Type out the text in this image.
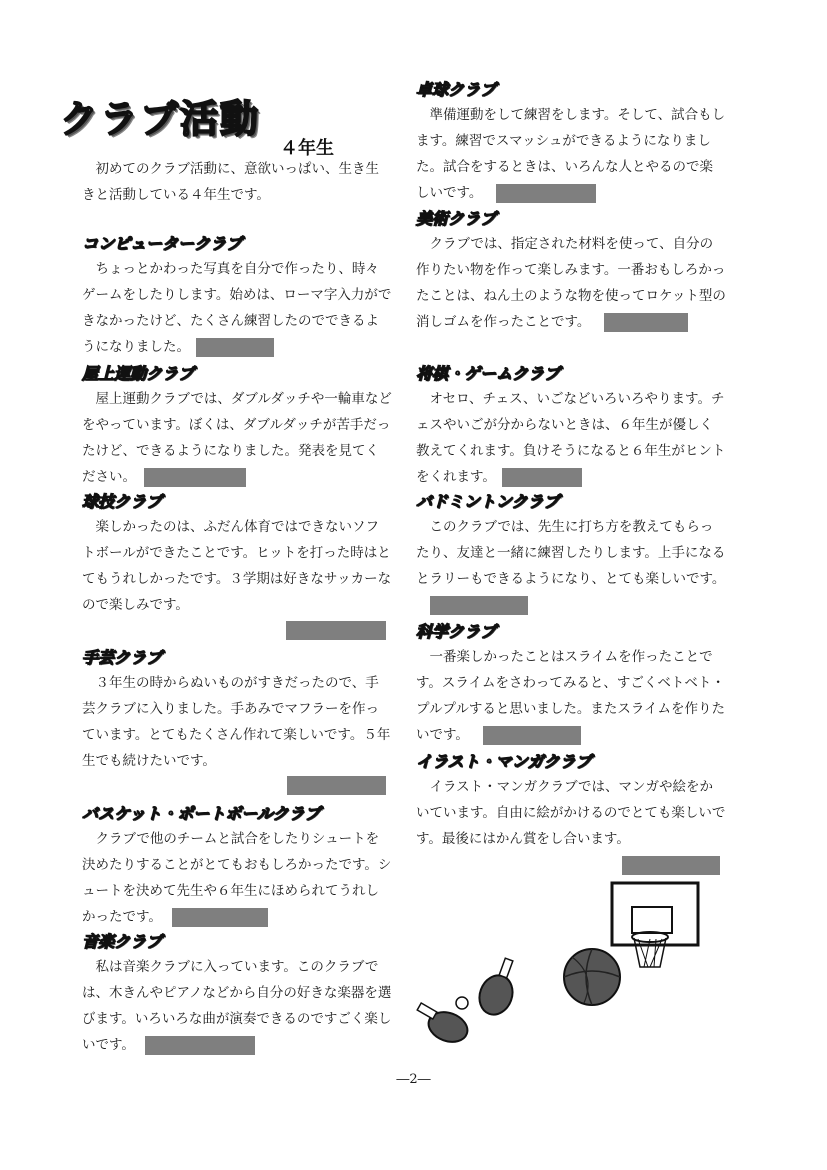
クラブ活動
４年生
初めてのクラブ活動に、意欲いっぱい、生き生きと活動している４年生です。
コンピュータークラブ

ちょっとかわった写真を自分で作ったり、時々ゲームをしたりします。始めは、ローマ字入力ができなかったけど、たくさん練習したのでできるようになりました。

屋上運動クラブ

屋上運動クラブでは、ダブルダッチや一輪車などをやっています。ぼくは、ダブルダッチが苦手だったけど、できるようになりました。発表を見てください。

球技クラブ

楽しかったのは、ふだん体育ではできないソフトボールができたことです。ヒットを打った時はとてもうれしかったです。３学期は好きなサッカーなので楽しみです。

手芸クラブ

３年生の時からぬいものがすきだったので、手芸クラブに入りました。手あみでマフラーを作っています。とてもたくさん作れて楽しいです。５年生でも続けたいです。

バスケット・ポートボールクラブ

クラブで他のチームと試合をしたりシュートを決めたりすることがとてもおもしろかったです。シュートを決めて先生や６年生にほめられてうれしかったです。

音楽クラブ

私は音楽クラブに入っています。このクラブでは、木きんやピアノなどから自分の好きな楽器を選びます。いろいろな曲が演奏できるのですごく楽しいです。

卓球クラブ

準備運動をして練習をします。そして、試合もします。練習でスマッシュができるようになりました。試合をするときは、いろんな人とやるので楽しいです。

美術クラブ

クラブでは、指定された材料を使って、自分の作りたい物を作って楽しみます。一番おもしろかったことは、ねん土のような物を使ってロケット型の消しゴムを作ったことです。

将棋・ゲームクラブ

オセロ、チェス、いごなどいろいろやります。チェスやいごが分からないときは、６年生が優しく教えてくれます。負けそうになると６年生がヒントをくれます。

バドミントンクラブ

このクラブでは、先生に打ち方を教えてもらったり、友達と一緒に練習したりします。上手になるとラリーもできるようになり、とても楽しいです。

科学クラブ

一番楽しかったことはスライムを作ったことです。スライムをさわってみると、すごくベトベト・プルプルすると思いました。またスライムを作りたいです。

イラスト・マンガクラブ

イラスト・マンガクラブでは、マンガや絵をかいています。自由に絵がかけるのでとても楽しいです。最後にはかん賞をし合います。

―2―
